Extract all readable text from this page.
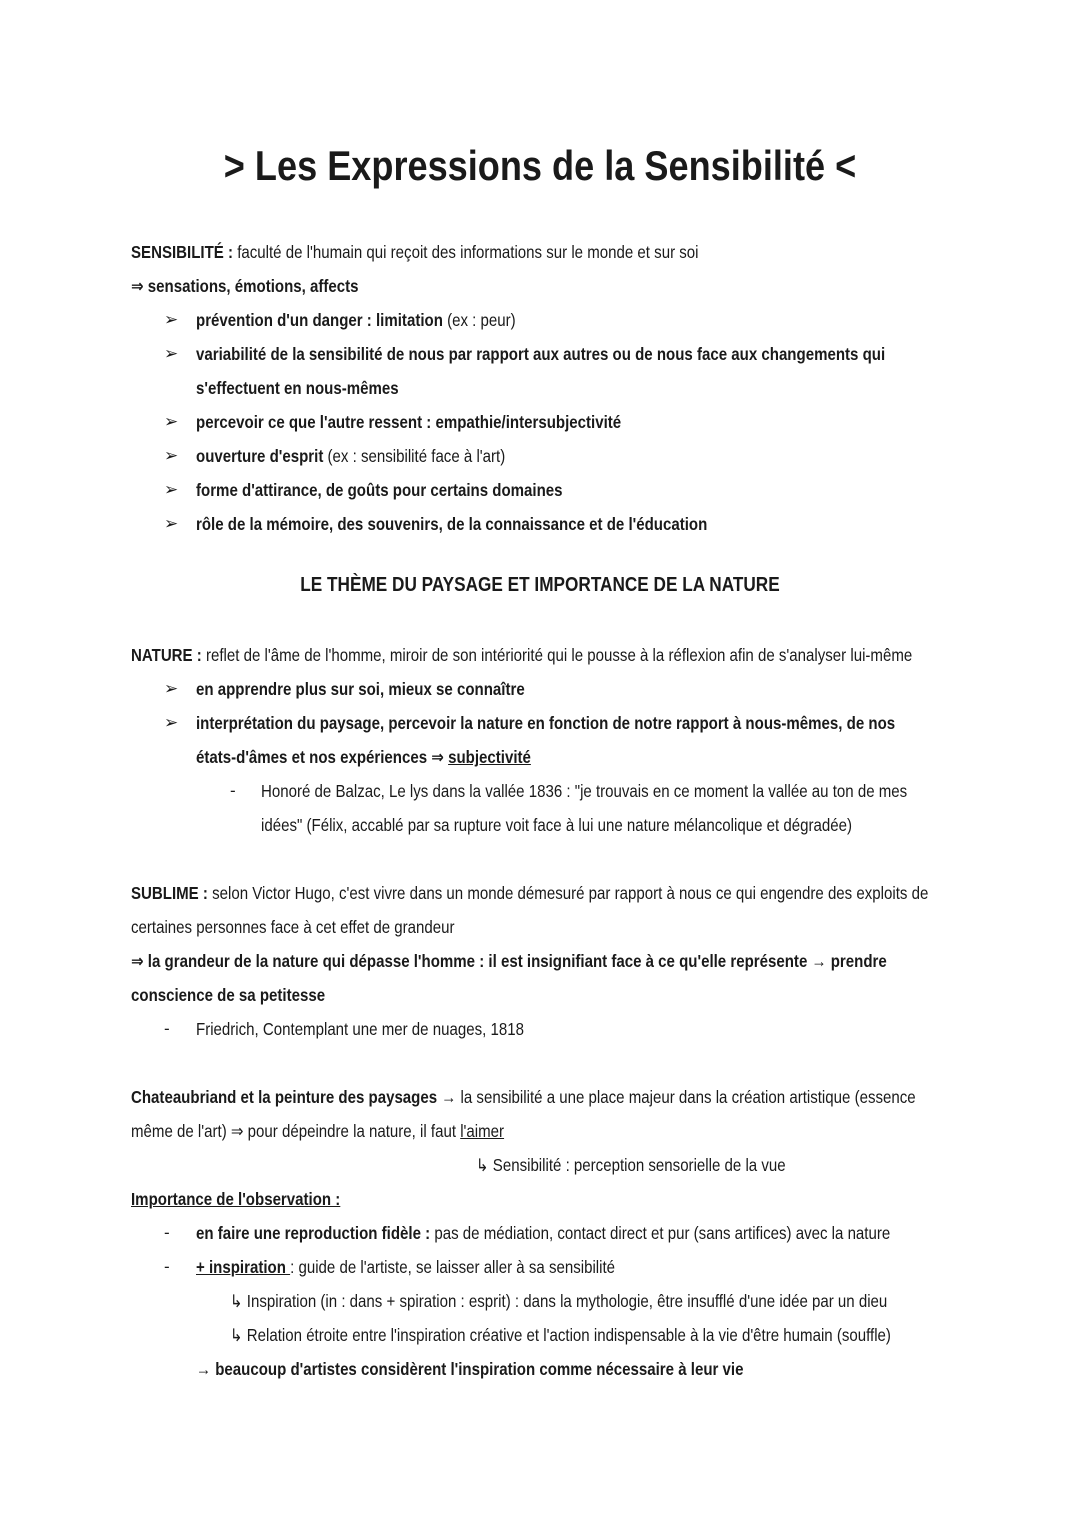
> Les Expressions de la Sensibilité <
SENSIBILITÉ : faculté de l'humain qui reçoit des informations sur le monde et sur soi
⇒ sensations, émotions, affects
➢ prévention d'un danger : limitation (ex : peur)
➢ variabilité de la sensibilité de nous par rapport aux autres ou de nous face aux changements qui
s'effectuent en nous-mêmes
➢ percevoir ce que l'autre ressent : empathie/intersubjectivité
➢ ouverture d'esprit (ex : sensibilité face à l'art)
➢ forme d'attirance, de goûts pour certains domaines
➢ rôle de la mémoire, des souvenirs, de la connaissance et de l'éducation
LE THÈME DU PAYSAGE ET IMPORTANCE DE LA NATURE
NATURE : reflet de l'âme de l'homme, miroir de son intériorité qui le pousse à la réflexion afin de s'analyser lui-même
➢ en apprendre plus sur soi, mieux se connaître
➢ interprétation du paysage, percevoir la nature en fonction de notre rapport à nous-mêmes, de nos
états-d'âmes et nos expériences ⇒ subjectivité
- Honoré de Balzac, Le lys dans la vallée 1836 : "je trouvais en ce moment la vallée au ton de mes
idées" (Félix, accablé par sa rupture voit face à lui une nature mélancolique et dégradée)
SUBLIME : selon Victor Hugo, c'est vivre dans un monde démesuré par rapport à nous ce qui engendre des exploits de
certaines personnes face à cet effet de grandeur
⇒ la grandeur de la nature qui dépasse l'homme : il est insignifiant face à ce qu'elle représente → prendre
conscience de sa petitesse
- Friedrich, Contemplant une mer de nuages, 1818
Chateaubriand et la peinture des paysages → la sensibilité a une place majeur dans la création artistique (essence
même de l'art) ⇒ pour dépeindre la nature, il faut l'aimer
↳ Sensibilité : perception sensorielle de la vue
Importance de l'observation :
- en faire une reproduction fidèle : pas de médiation, contact direct et pur (sans artifices) avec la nature
- + inspiration : guide de l'artiste, se laisser aller à sa sensibilité
↳ Inspiration (in : dans + spiration : esprit) : dans la mythologie, être insufflé d'une idée par un dieu
↳ Relation étroite entre l'inspiration créative et l'action indispensable à la vie d'être humain (souffle)
→ beaucoup d'artistes considèrent l'inspiration comme nécessaire à leur vie
